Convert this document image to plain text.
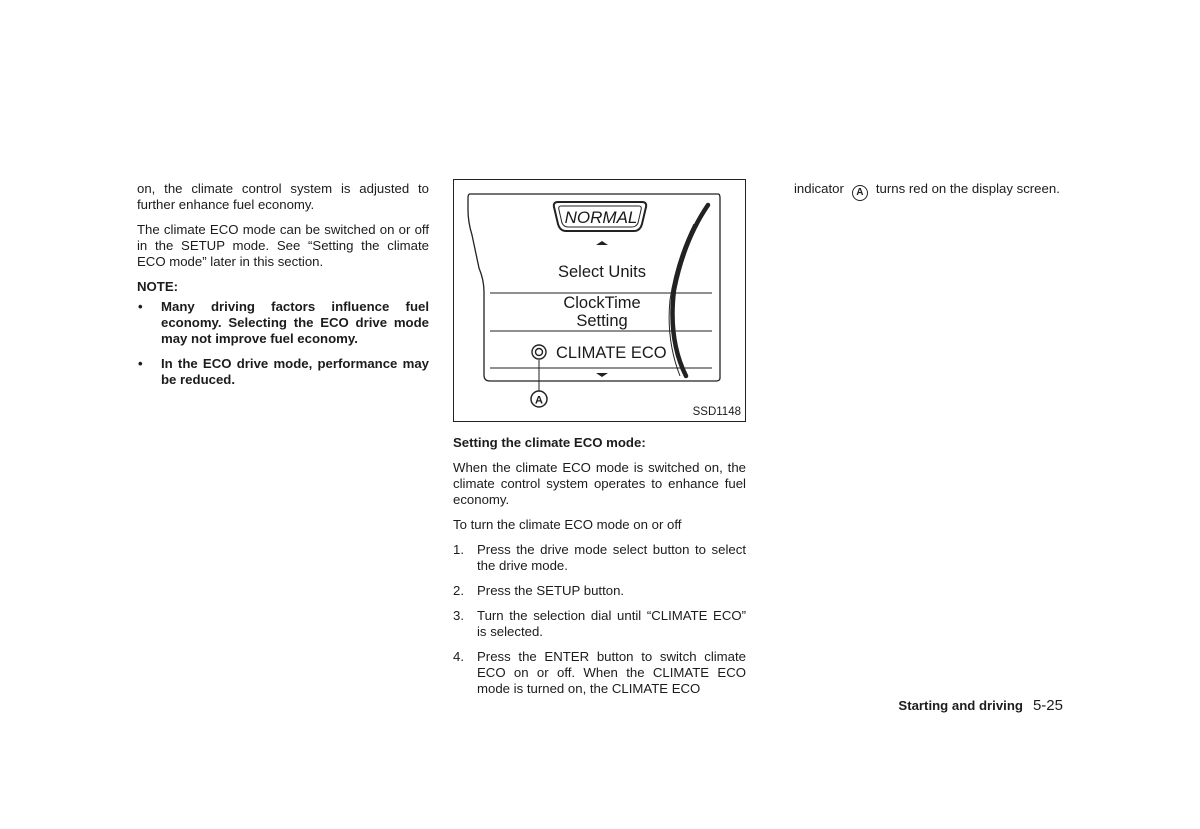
on, the climate control system is adjusted to further enhance fuel economy.

The climate ECO mode can be switched on or off in the SETUP mode. See “Setting the climate ECO mode” later in this section.

NOTE:

• Many driving factors influence fuel economy. Selecting the ECO drive mode may not improve fuel economy.
• In the ECO drive mode, performance may be reduced.
NORMAL
Select Units
ClockTime
Setting
CLIMATE ECO
A
SSD1148

Setting the climate ECO mode:

When the climate ECO mode is switched on, the climate control system operates to enhance fuel economy.

To turn the climate ECO mode on or off

1. Press the drive mode select button to select the drive mode.
2. Press the SETUP button.
3. Turn the selection dial until “CLIMATE ECO” is selected.
4. Press the ENTER button to switch climate ECO on or off. When the CLIMATE ECO mode is turned on, the CLIMATE ECO

indicator A turns red on the display screen.

Starting and driving 5-25
